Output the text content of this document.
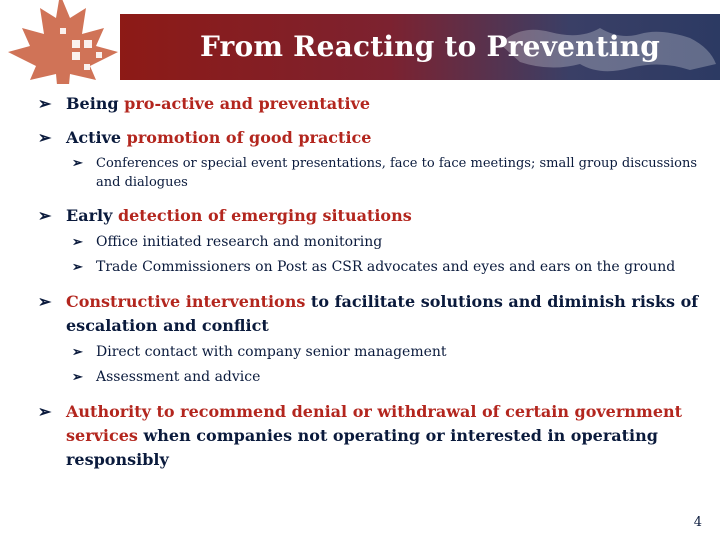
From Reacting to Preventing
➢ Being pro-active and preventative
➢ Active promotion of good practice
➢ Conferences or special event presentations, face to face meetings; small group discussions and dialogues
➢ Early detection of emerging situations
➢ Office initiated research and monitoring
➢ Trade Commissioners on Post as CSR advocates and eyes and ears on the ground
➢ Constructive interventions to facilitate solutions and diminish risks of escalation and conflict
➢ Direct contact with company senior management
➢ Assessment and advice
➢ Authority to recommend denial or withdrawal of certain government services when companies not operating or interested in operating responsibly
4
